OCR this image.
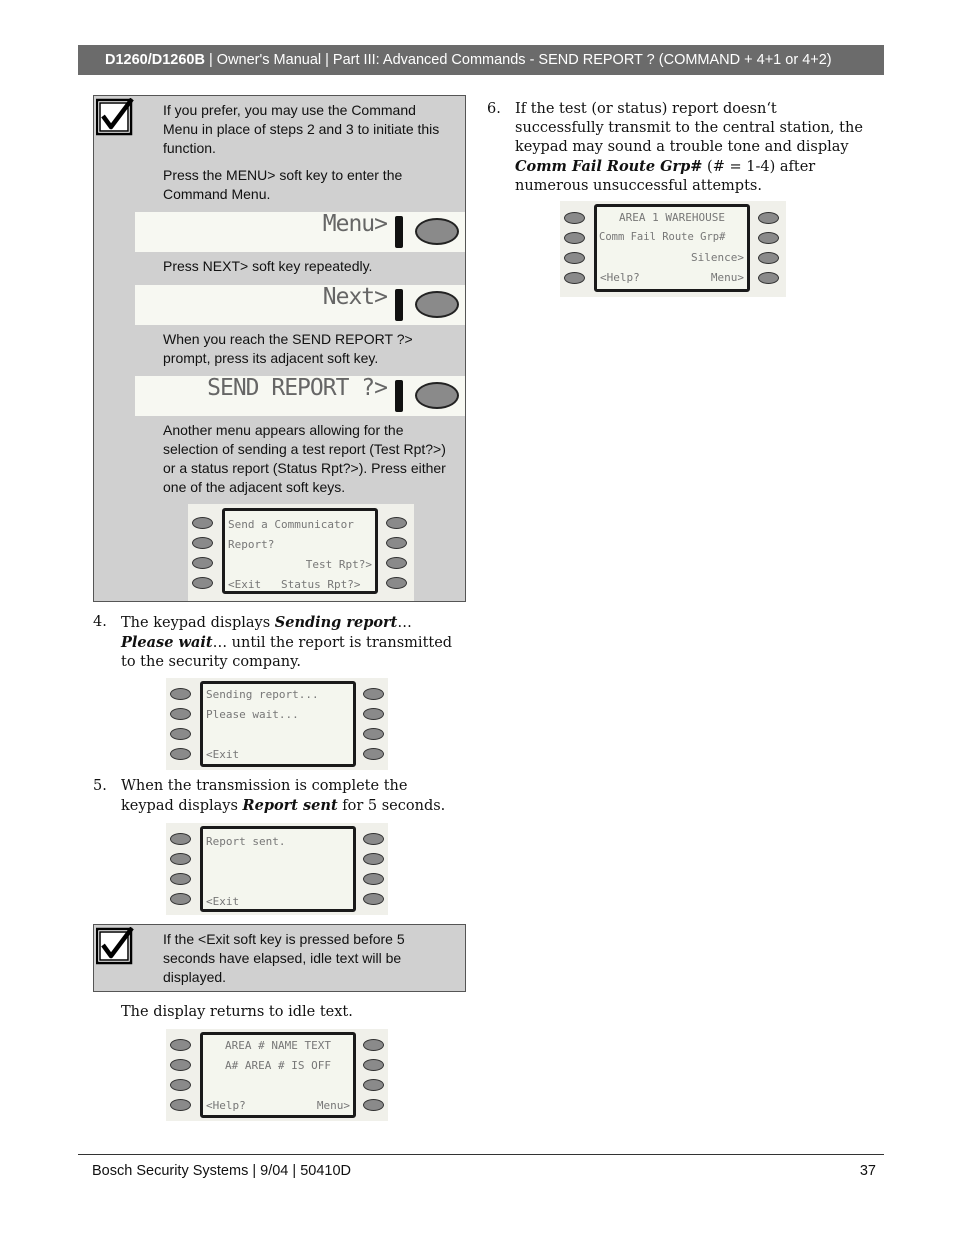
D1260/D1260B | Owner's Manual | Part III: Advanced Commands - SEND REPORT ? (COMMAND + 4+1 or 4+2)
If you prefer, you may use the Command Menu in place of steps 2 and 3 to initiate this function.
Press the MENU> soft key to enter the Command Menu.
Menu>
Press NEXT> soft key repeatedly.
Next>
When you reach the SEND REPORT ?> prompt, press its adjacent soft key.
SEND REPORT ?>
Another menu appears allowing for the selection of sending a test report (Test Rpt?>) or a status report (Status Rpt?>). Press either one of the adjacent soft keys.
Send a Communicator
Report?
Test Rpt?>
<Exit   Status Rpt?>
4. The keypad displays Sending report… Please wait… until the report is transmitted to the security company.
Sending report...
Please wait...
<Exit
5. When the transmission is complete the keypad displays Report sent for 5 seconds.
Report sent.
<Exit
If the <Exit soft key is pressed before 5 seconds have elapsed, idle text will be displayed.
The display returns to idle text.
AREA # NAME TEXT
A# AREA # IS OFF
<Help?	Menu>
6. If the test (or status) report doesn‘t successfully transmit to the central station, the keypad may sound a trouble tone and display Comm Fail Route Grp# (# = 1-4) after numerous unsuccessful attempts.
AREA 1 WAREHOUSE
Comm Fail Route Grp#
Silence>
<Help?	Menu>
Bosch Security Systems | 9/04 | 50410D	37
